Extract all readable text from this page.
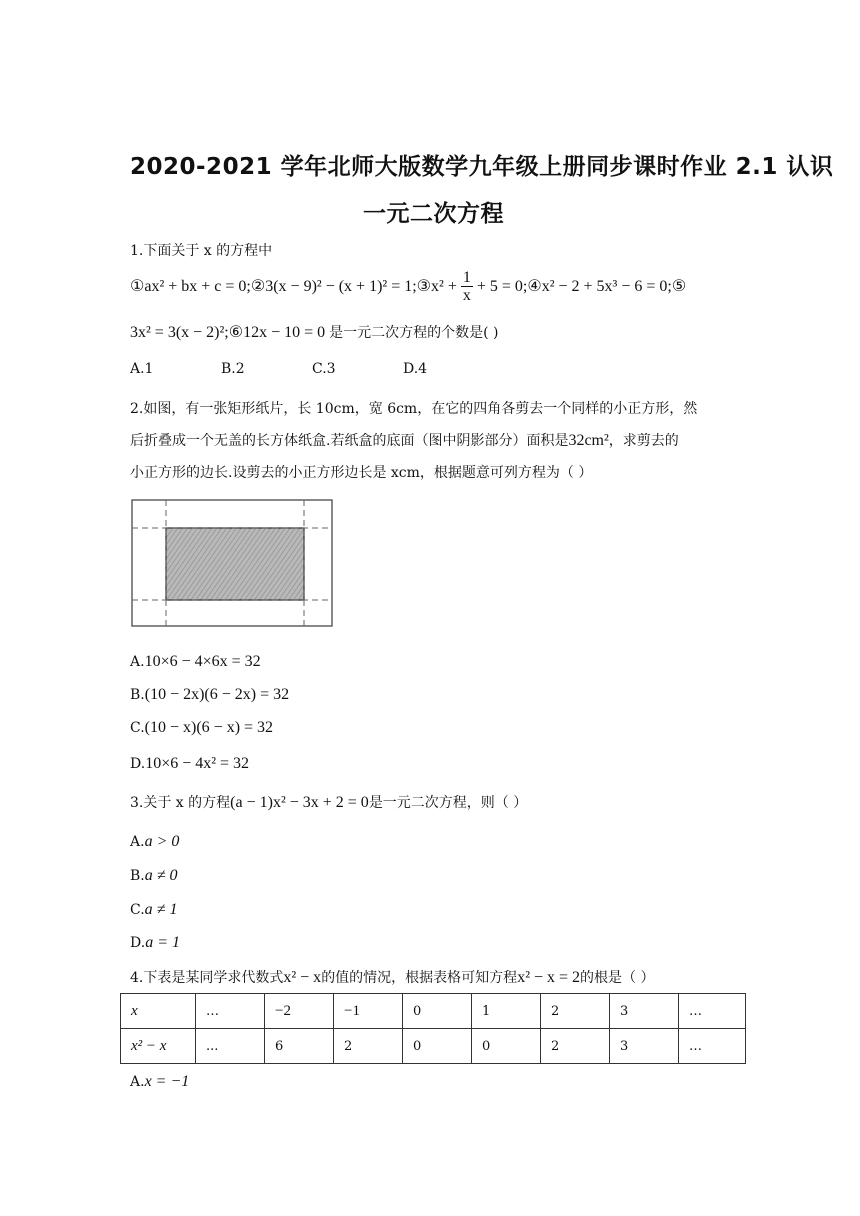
2020-2021 学年北师大版数学九年级上册同步课时作业 2.1 认识
一元二次方程
1.下面关于 x 的方程中
①ax² + bx + c = 0;②3(x − 9)² − (x + 1)² = 1;③x² + $\frac{1}{x} + 5$ = 0;④x² − 2 + 5x³ − 6 = 0;⑤
3x² = 3(x − 2)²;⑥12x − 10 = 0 是一元二次方程的个数是( )
A.1	B.2	C.3	D.4
2.如图，有一张矩形纸片，长 10cm，宽 6cm，在它的四角各剪去一个同样的小正方形，然
后折叠成一个无盖的长方体纸盒.若纸盒的底面（图中阴影部分）面积是32cm²，求剪去的
小正方形的边长.设剪去的小正方形边长是 xcm，根据题意可列方程为（ ）
A.10×6 − 4×6x = 32
B.(10 − 2x)(6 − 2x) = 32
C.(10 − x)(6 − x) = 32
D.10×6 − 4x² = 32
3.关于 x 的方程(a − 1)x² − 3x + 2 = 0是一元二次方程，则（ ）
A.a > 0
B.a ≠ 0
C.a ≠ 1
D.a = 1
4.下表是某同学求代数式x² − x的值的情况，根据表格可知方程x² − x = 2的根是（ ）
x	…	−2	−1	0	1	2	3	…
x² − x	...	6	2	0	0	2	3	…
A.x = −1
